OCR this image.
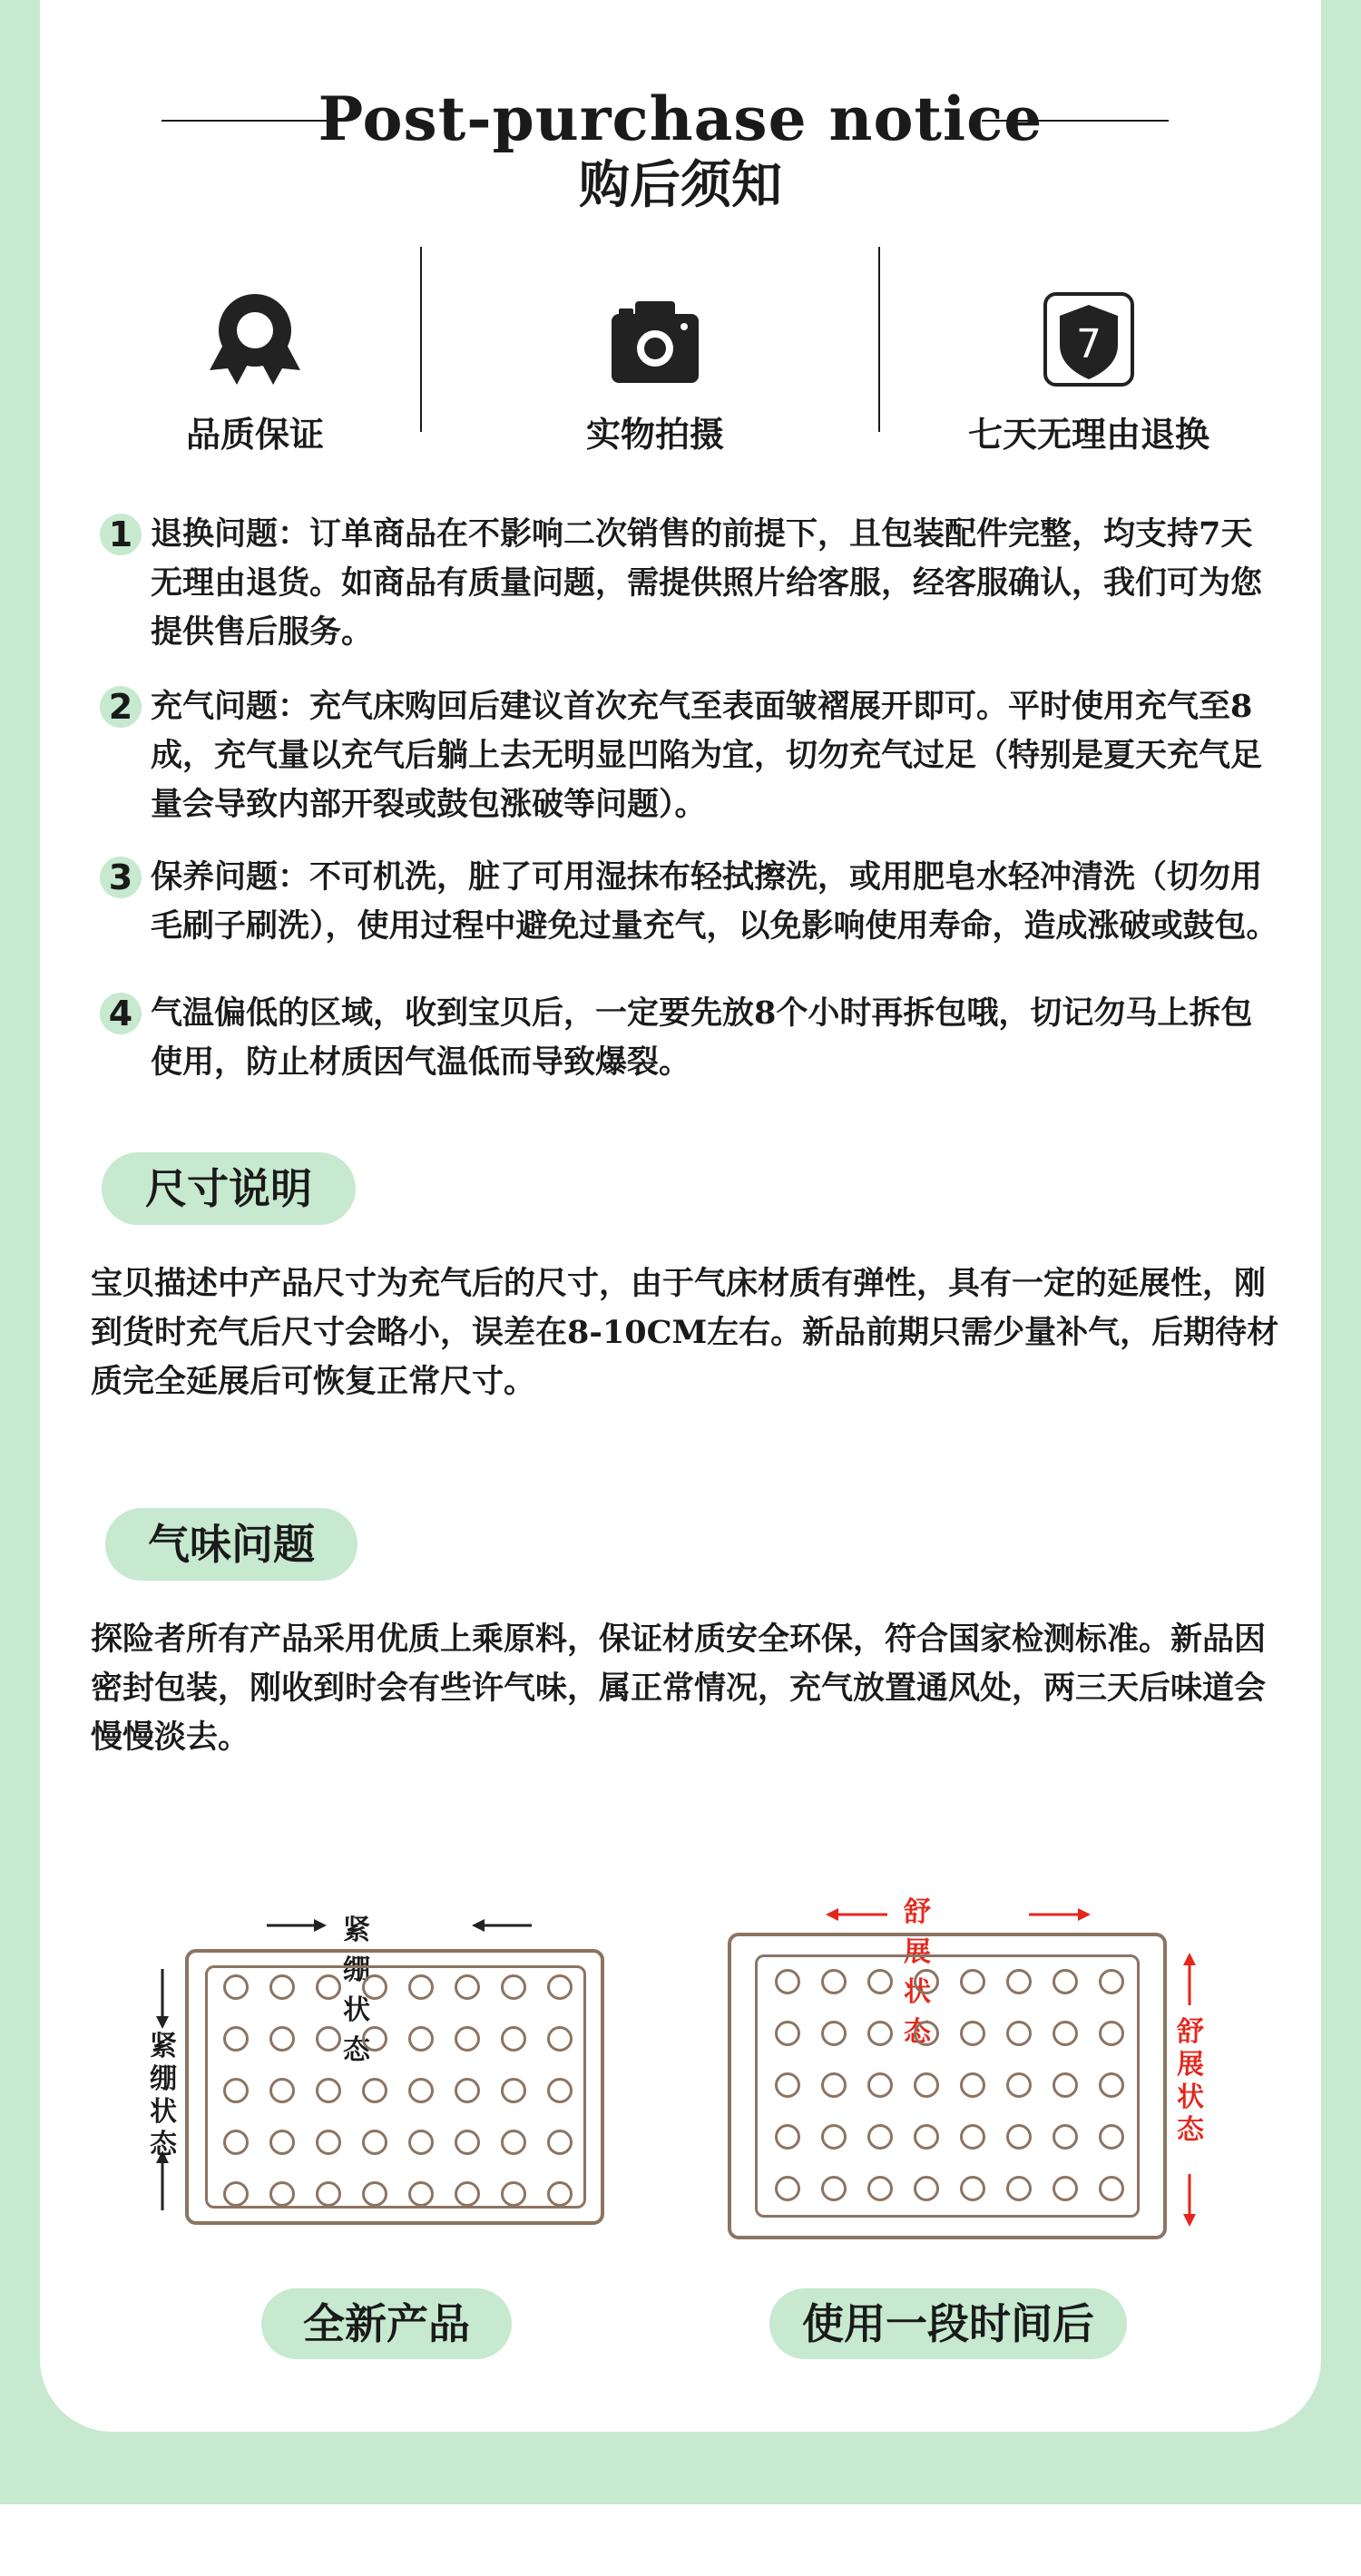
Post-purchase notice
购后须知
品质保证	实物拍摄
7
七天无理由退换
1 退换问题：订单商品在不影响二次销售的前提下，且包装配件完整，均支持7天无理由退货。如商品有质量问题，需提供照片给客服，经客服确认，我们可为您提供售后服务。
2 充气问题：充气床购回后建议首次充气至表面皱褶展开即可。平时使用充气至8成，充气量以充气后躺上去无明显凹陷为宜，切勿充气过足（特别是夏天充气足量会导致内部开裂或鼓包涨破等问题）。
3 保养问题：不可机洗，脏了可用湿抹布轻拭擦洗，或用肥皂水轻冲清洗（切勿用毛刷子刷洗），使用过程中避免过量充气，以免影响使用寿命，造成涨破或鼓包。
4 气温偏低的区域，收到宝贝后，一定要先放8个小时再拆包哦，切记勿马上拆包使用，防止材质因气温低而导致爆裂。
尺寸说明
宝贝描述中产品尺寸为充气后的尺寸，由于气床材质有弹性，具有一定的延展性，刚到货时充气后尺寸会略小，误差在8-10CM左右。新品前期只需少量补气，后期待材质完全延展后可恢复正常尺寸。
气味问题
探险者所有产品采用优质上乘原料，保证材质安全环保，符合国家检测标准。新品因密封包装，刚收到时会有些许气味，属正常情况，充气放置通风处，两三天后味道会慢慢淡去。
紧绷状态
紧
绷
状
态
全新产品
舒展状态	舒
展
状
态
使用一段时间后
